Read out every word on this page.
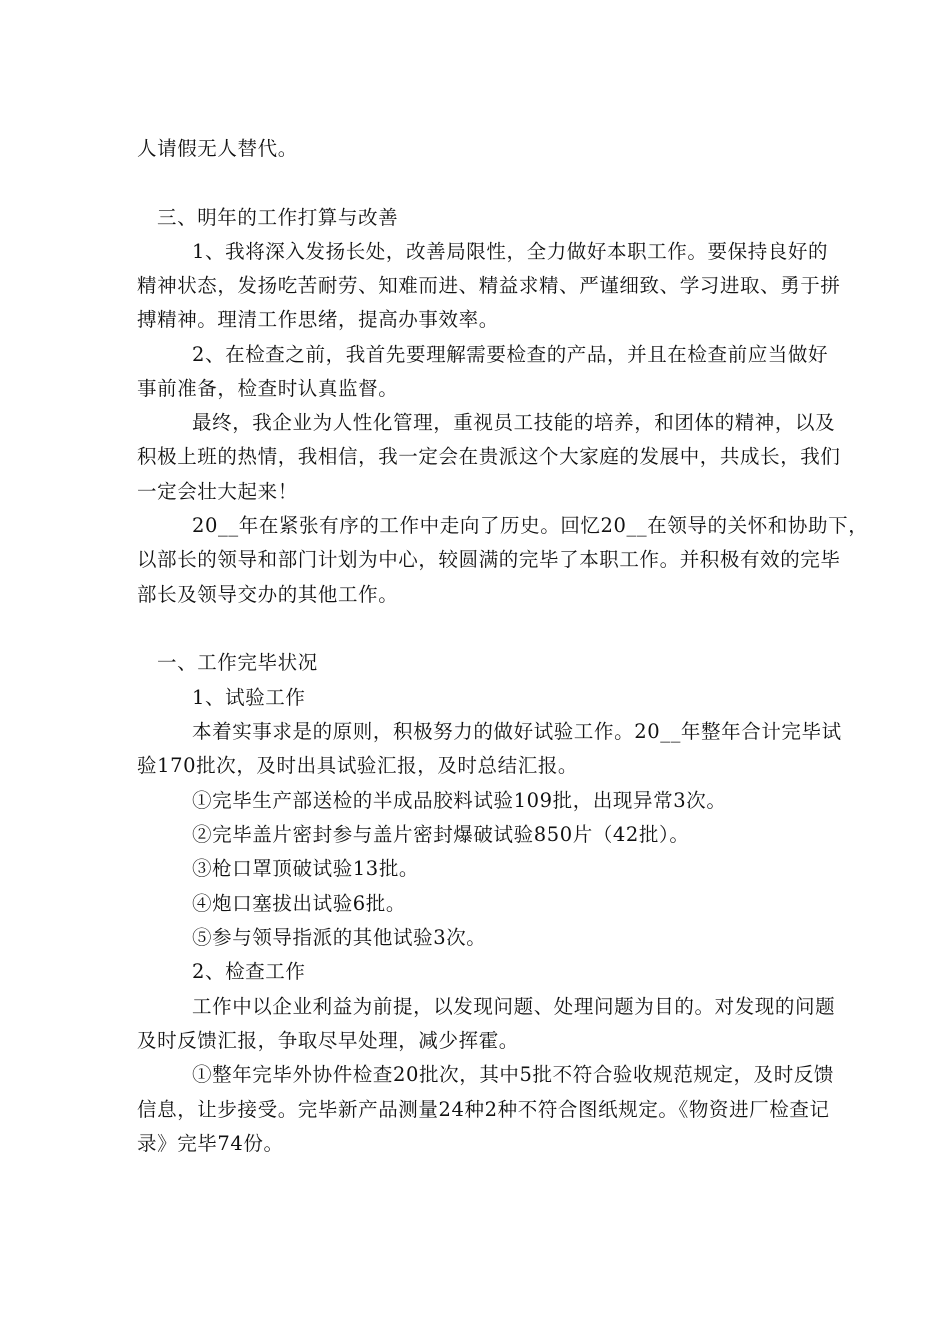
人请假无人替代。
三、明年的工作打算与改善
1、我将深入发扬长处，改善局限性，全力做好本职工作。要保持良好的
精神状态，发扬吃苦耐劳、知难而进、精益求精、严谨细致、学习进取、勇于拼
搏精神。理清工作思绪，提高办事效率。
2、在检查之前，我首先要理解需要检查的产品，并且在检查前应当做好
事前准备，检查时认真监督。
最终，我企业为人性化管理，重视员工技能的培养，和团体的精神，以及
积极上班的热情，我相信，我一定会在贵派这个大家庭的发展中，共成长，我们
一定会壮大起来！
20__年在紧张有序的工作中走向了历史。回忆20__在领导的关怀和协助下，
以部长的领导和部门计划为中心，较圆满的完毕了本职工作。并积极有效的完毕
部长及领导交办的其他工作。
一、工作完毕状况
1、试验工作
本着实事求是的原则，积极努力的做好试验工作。20__年整年合计完毕试
验170批次，及时出具试验汇报，及时总结汇报。
①完毕生产部送检的半成品胶料试验109批，出现异常3次。
②完毕盖片密封参与盖片密封爆破试验850片（42批）。
③枪口罩顶破试验13批。
④炮口塞拔出试验6批。
⑤参与领导指派的其他试验3次。
2、检查工作
工作中以企业利益为前提，以发现问题、处理问题为目的。对发现的问题
及时反馈汇报，争取尽早处理，减少挥霍。
①整年完毕外协件检查20批次，其中5批不符合验收规范规定，及时反馈
信息，让步接受。完毕新产品测量24种2种不符合图纸规定。《物资进厂检查记
录》完毕74份。
